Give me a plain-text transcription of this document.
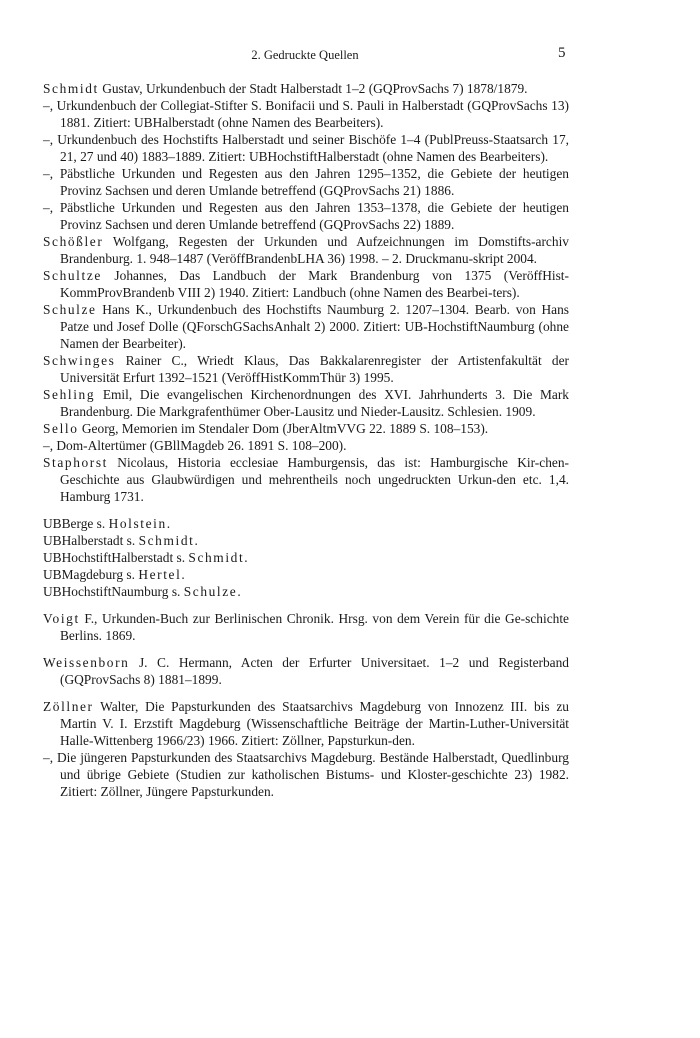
2. Gedruckte Quellen	5

Schmidt Gustav, Urkundenbuch der Stadt Halberstadt 1–2 (GQProvSachs 7) 1878/1879.

–, Urkundenbuch der Collegiat-Stifter S. Bonifacii und S. Pauli in Halberstadt (GQProvSachs 13) 1881. Zitiert: UBHalberstadt (ohne Namen des Bearbeiters).

–, Urkundenbuch des Hochstifts Halberstadt und seiner Bischöfe 1–4 (PublPreuss-Staatsarch 17, 21, 27 und 40) 1883–1889. Zitiert: UBHochstiftHalberstadt (ohne Namen des Bearbeiters).

–, Päbstliche Urkunden und Regesten aus den Jahren 1295–1352, die Gebiete der heutigen Provinz Sachsen und deren Umlande betreffend (GQProvSachs 21) 1886.

–, Päbstliche Urkunden und Regesten aus den Jahren 1353–1378, die Gebiete der heutigen Provinz Sachsen und deren Umlande betreffend (GQProvSachs 22) 1889.

Schößler Wolfgang, Regesten der Urkunden und Aufzeichnungen im Domstifts-archiv Brandenburg. 1. 948–1487 (VeröffBrandenbLHA 36) 1998. – 2. Druckmanu-skript 2004.

Schultze Johannes, Das Landbuch der Mark Brandenburg von 1375 (VeröffHist-KommProvBrandenb VIII 2) 1940. Zitiert: Landbuch (ohne Namen des Bearbei-ters).

Schulze Hans K., Urkundenbuch des Hochstifts Naumburg 2. 1207–1304. Bearb. von Hans Patze und Josef Dolle (QForschGSachsAnhalt 2) 2000. Zitiert: UB-HochstiftNaumburg (ohne Namen der Bearbeiter).

Schwinges Rainer C., Wriedt Klaus, Das Bakkalarenregister der Artistenfakultät der Universität Erfurt 1392–1521 (VeröffHistKommThür 3) 1995.

Sehling Emil, Die evangelischen Kirchenordnungen des XVI. Jahrhunderts 3. Die Mark Brandenburg. Die Markgrafenthümer Ober-Lausitz und Nieder-Lausitz. Schlesien. 1909.

Sello Georg, Memorien im Stendaler Dom (JberAltmVVG 22. 1889 S. 108–153).

–, Dom-Altertümer (GBllMagdeb 26. 1891 S. 108–200).

Staphorst Nicolaus, Historia ecclesiae Hamburgensis, das ist: Hamburgische Kir-chen-Geschichte aus Glaubwürdigen und mehrentheils noch ungedruckten Urkun-den etc. 1,4. Hamburg 1731.

UBBerge s. Holstein.

UBHalberstadt s. Schmidt.

UBHochstiftHalberstadt s. Schmidt.

UBMagdeburg s. Hertel.

UBHochstiftNaumburg s. Schulze.

Voigt F., Urkunden-Buch zur Berlinischen Chronik. Hrsg. von dem Verein für die Ge-schichte Berlins. 1869.

Weissenborn J. C. Hermann, Acten der Erfurter Universitaet. 1–2 und Registerband (GQProvSachs 8) 1881–1899.

Zöllner Walter, Die Papsturkunden des Staatsarchivs Magdeburg von Innozenz III. bis zu Martin V. I. Erzstift Magdeburg (Wissenschaftliche Beiträge der Martin-Luther-Universität Halle-Wittenberg 1966/23) 1966. Zitiert: Zöllner, Papsturkun-den.

–, Die jüngeren Papsturkunden des Staatsarchivs Magdeburg. Bestände Halberstadt, Quedlinburg und übrige Gebiete (Studien zur katholischen Bistums- und Kloster-geschichte 23) 1982. Zitiert: Zöllner, Jüngere Papsturkunden.
